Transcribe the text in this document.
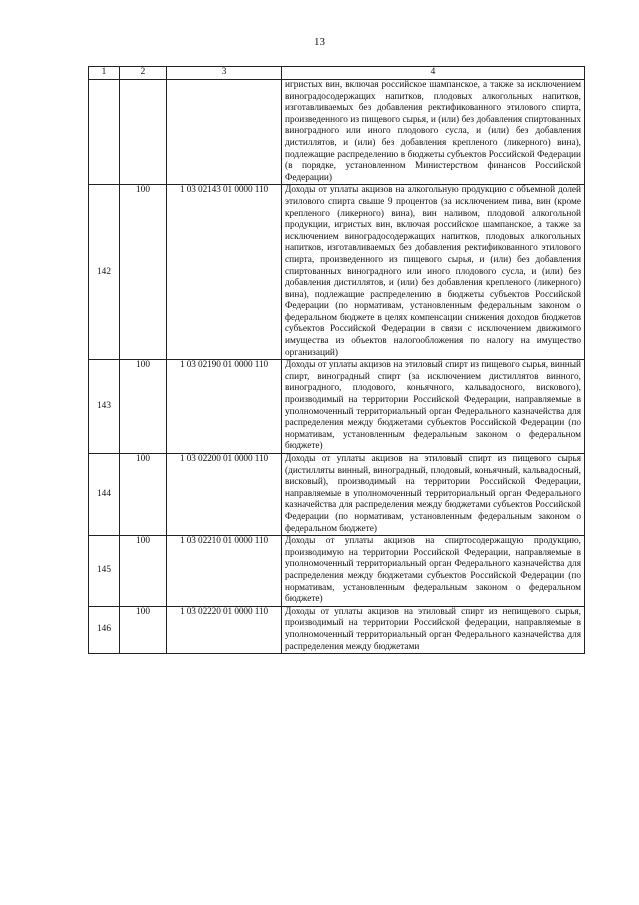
13
1	2	3	4
			игристых вин, включая российское шампанское, а также за исключением виноградосодержащих напитков, плодовых алкогольных напитков, изготавливаемых без добавления ректификованного этилового спирта, произведенного из пищевого сырья, и (или) без добавления спиртованных виноградного или иного плодового сусла, и (или) без добавления дистиллятов, и (или) без добавления крепленого (ликерного) вина), подлежащие распределению в бюджеты субъектов Российской Федерации (в порядке, установленном Министерством финансов Российской Федерации)
142	100	1 03 02143 01 0000 110	Доходы от уплаты акцизов на алкогольную продукцию с объемной долей этилового спирта свыше 9 процентов (за исключением пива, вин (кроме крепленого (ликерного) вина), вин наливом, плодовой алкогольной продукции, игристых вин, включая российское шампанское, а также за исключением виноградосодержащих напитков, плодовых алкогольных напитков, изготавливаемых без добавления ректификованного этилового спирта, произведенного из пищевого сырья, и (или) без добавления спиртованных виноградного или иного плодового сусла, и (или) без добавления дистиллятов, и (или) без добавления крепленого (ликерного) вина), подлежащие распределению в бюджеты субъектов Российской Федерации (по нормативам, установленным федеральным законом о федеральном бюджете в целях компенсации снижения доходов бюджетов субъектов Российской Федерации в связи с исключением движимого имущества из объектов налогообложения по налогу на имущество организаций)
143	100	1 03 02190 01 0000 110	Доходы от уплаты акцизов на этиловый спирт из пищевого сырья, винный спирт, виноградный спирт (за исключением дистиллятов винного, виноградного, плодового, коньячного, кальвадосного, вискового), производимый на территории Российской Федерации, направляемые в уполномоченный территориальный орган Федерального казначейства для распределения между бюджетами субъектов Российской Федерации (по нормативам, установленным федеральным законом о федеральном бюджете)
144	100	1 03 02200 01 0000 110	Доходы от уплаты акцизов на этиловый спирт из пищевого сырья (дистилляты винный, виноградный, плодовый, коньячный, кальвадосный, висковый), производимый на территории Российской Федерации, направляемые в уполномоченный территориальный орган Федерального казначейства для распределения между бюджетами субъектов Российской Федерации (по нормативам, установленным федеральным законом о федеральном бюджете)
145	100	1 03 02210 01 0000 110	Доходы от уплаты акцизов на спиртосодержащую продукцию, производимую на территории Российской Федерации, направляемые в уполномоченный территориальный орган Федерального казначейства для распределения между бюджетами субъектов Российской Федерации (по нормативам, установленным федеральным законом о федеральном бюджете)
146	100	1 03 02220 01 0000 110	Доходы от уплаты акцизов на этиловый спирт из непищевого сырья, производимый на территории Российской федерации, направляемые в уполномоченный территориальный орган Федерального казначейства для распределения между бюджетами
